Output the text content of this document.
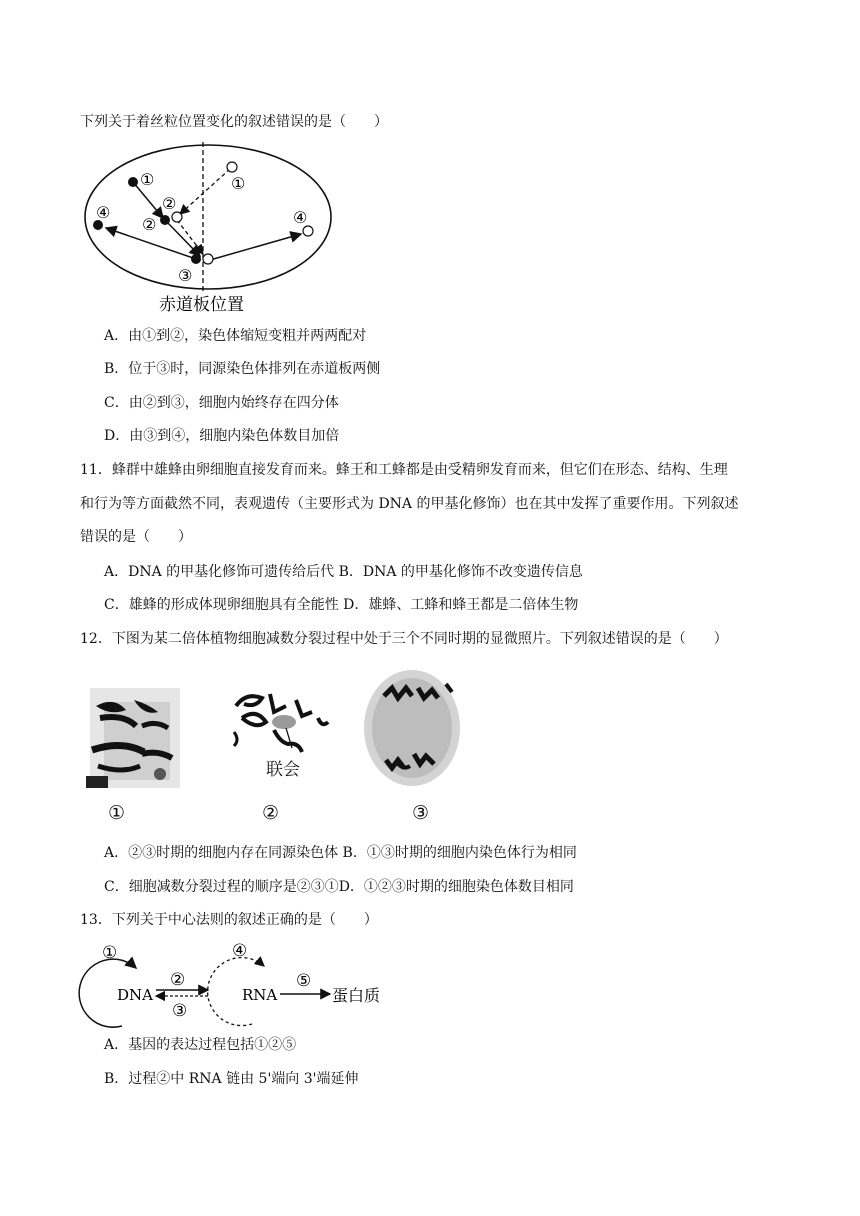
下列关于着丝粒位置变化的叙述错误的是（　　）
①
②
②
①
④	④
③
赤道板位置
A．由①到②，染色体缩短变粗并两两配对
B．位于③时，同源染色体排列在赤道板两侧
C．由②到③，细胞内始终存在四分体
D．由③到④，细胞内染色体数目加倍
11．蜂群中雄蜂由卵细胞直接发育而来。蜂王和工蜂都是由受精卵发育而来，但它们在形态、结构、生理
和行为等方面截然不同，表观遗传（主要形式为 DNA 的甲基化修饰）也在其中发挥了重要作用。下列叙述
错误的是（　　）
A．DNA 的甲基化修饰可遗传给后代 B．DNA 的甲基化修饰不改变遗传信息
C．雄蜂的形成体现卵细胞具有全能性 D．雄蜂、工蜂和蜂王都是二倍体生物
12．下图为某二倍体植物细胞减数分裂过程中处于三个不同时期的显微照片。下列叙述错误的是（　　）
①
联会
②	③
A．②③时期的细胞内存在同源染色体 B．①③时期的细胞内染色体行为相同
C．细胞减数分裂过程的顺序是②③①D．①②③时期的细胞染色体数目相同
13．下列关于中心法则的叙述正确的是（　　）
①
②
③
④
⑤
DNA	RNA	蛋白质
A．基因的表达过程包括①②⑤
B．过程②中 RNA 链由 5'端向 3'端延伸
